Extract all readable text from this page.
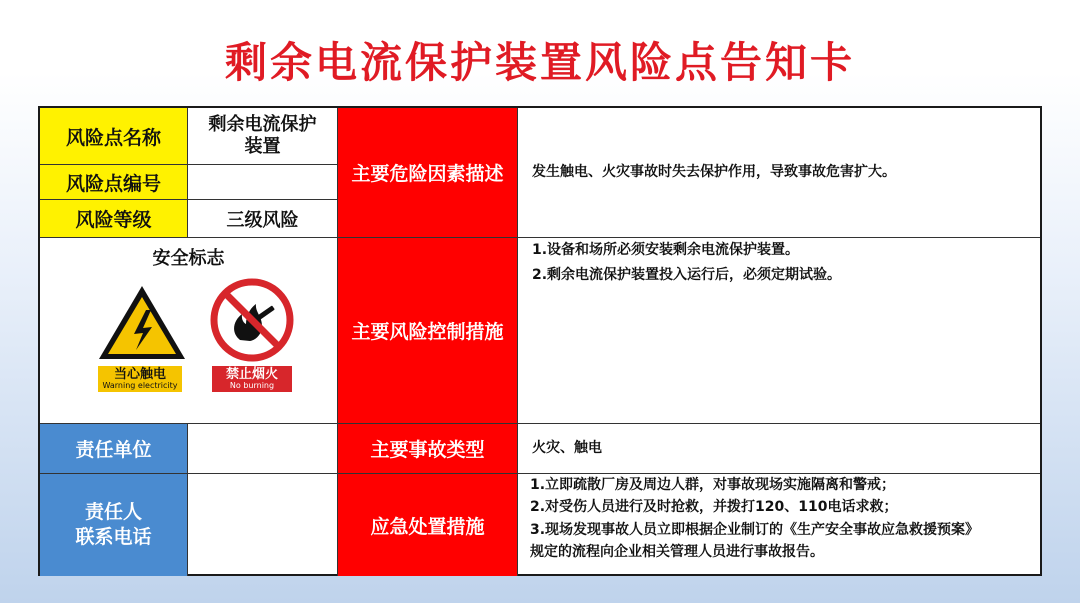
剩余电流保护装置风险点告知卡
风险点名称
剩余电流保护
装置
风险点编号
风险等级	三级风险
安全标志
当心触电
Warning electricity
禁止烟火
No burning
责任单位
责任人
联系电话
主要危险因素描述
主要风险控制措施
主要事故类型
应急处置措施
发生触电、火灾事故时失去保护作用，导致事故危害扩大。
1.设备和场所必须安装剩余电流保护装置。
2.剩余电流保护装置投入运行后，必须定期试验。
火灾、触电
1.立即疏散厂房及周边人群，对事故现场实施隔离和警戒；
2.对受伤人员进行及时抢救，并拨打120、110电话求救；
3.现场发现事故人员立即根据企业制订的《生产安全事故应急救援预案》
规定的流程向企业相关管理人员进行事故报告。
